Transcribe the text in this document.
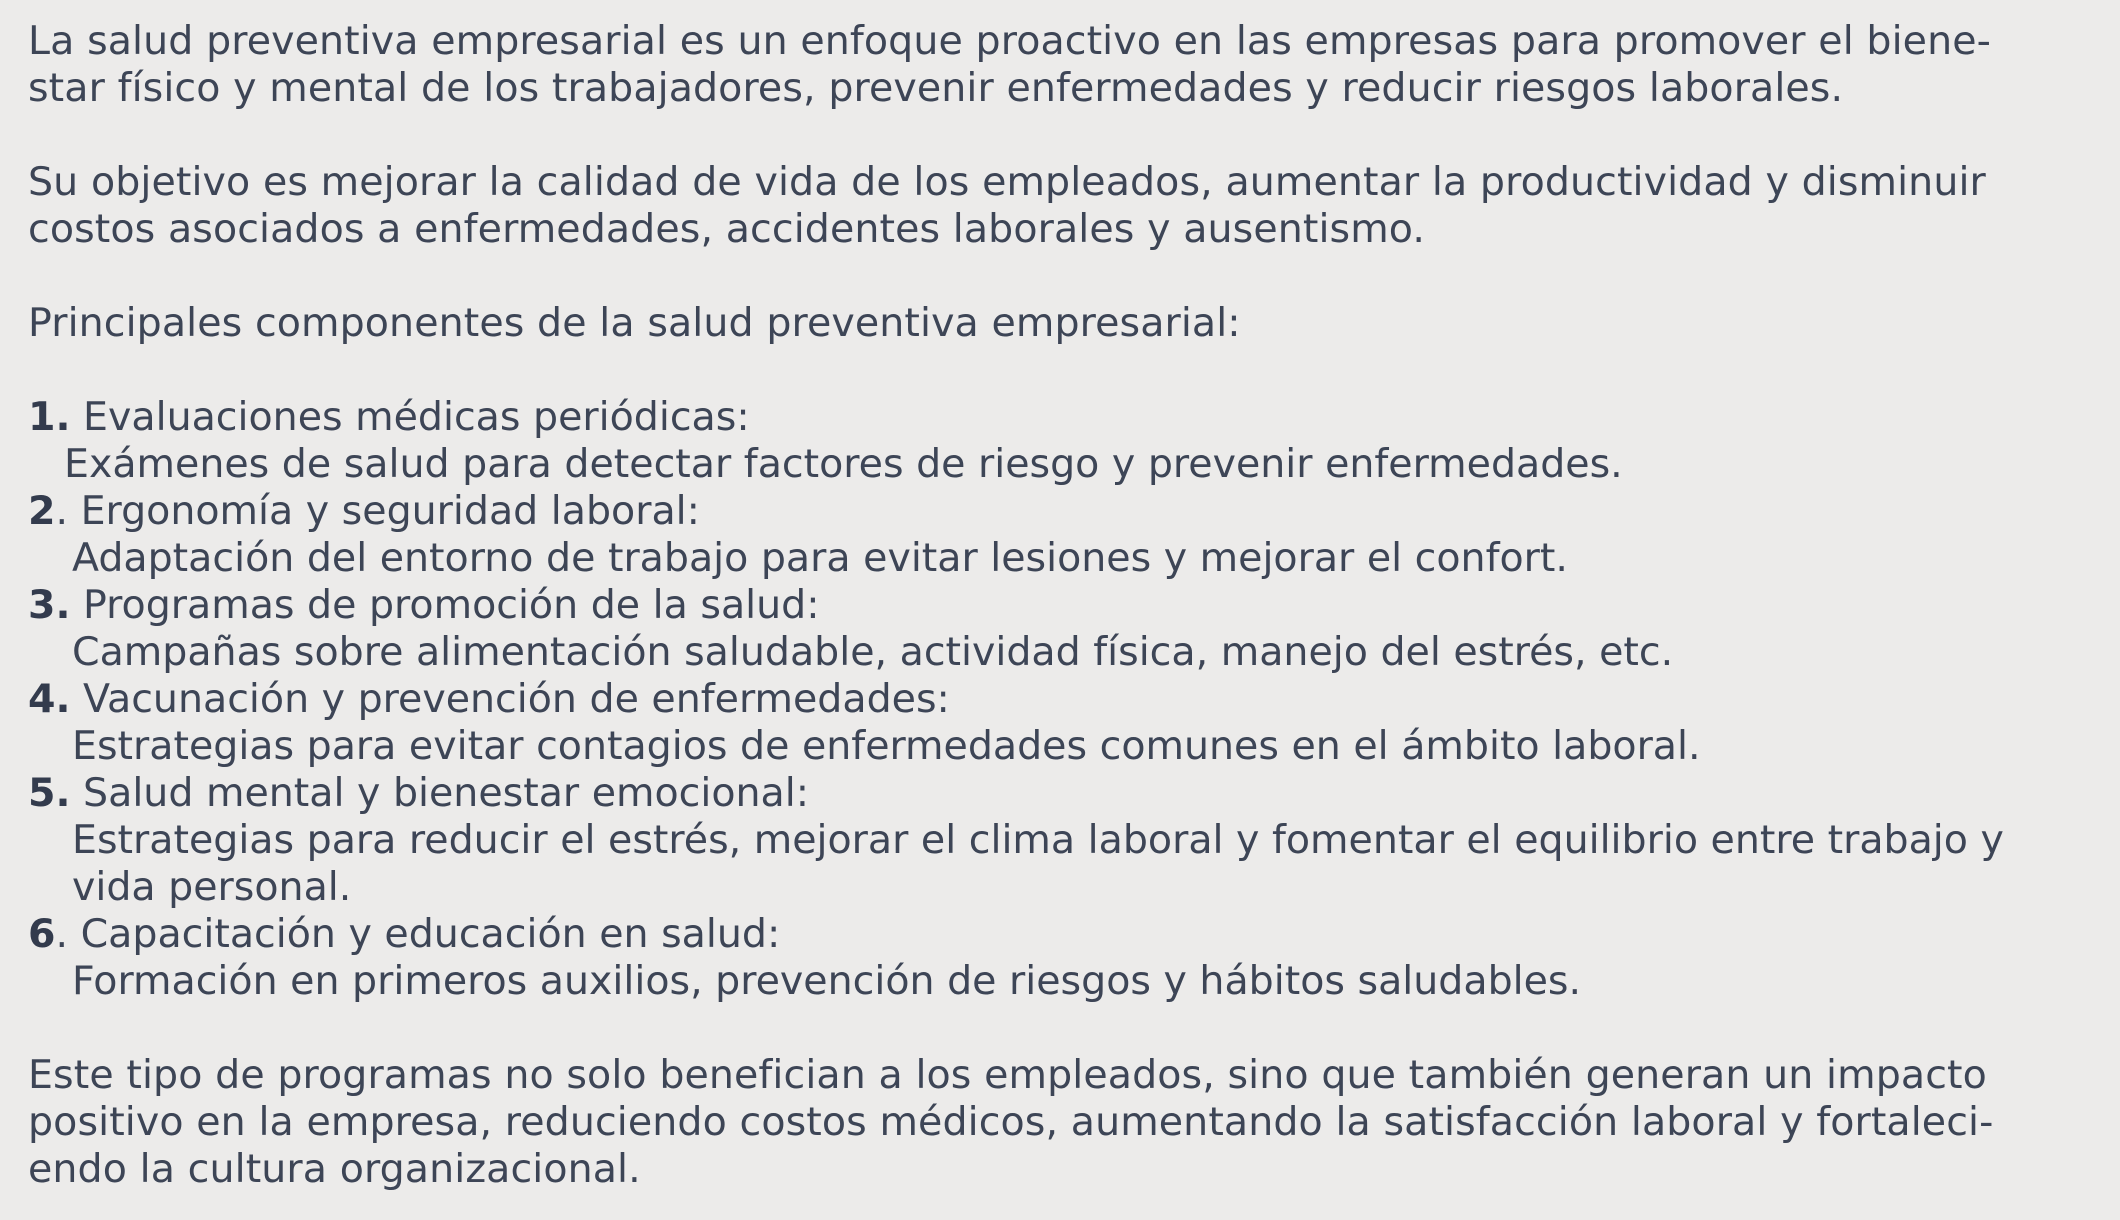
La salud preventiva empresarial es un enfoque proactivo en las empresas para promover el biene-
star físico y mental de los trabajadores, prevenir enfermedades y reducir riesgos laborales.
Su objetivo es mejorar la calidad de vida de los empleados, aumentar la productividad y disminuir
costos asociados a enfermedades, accidentes laborales y ausentismo.
Principales componentes de la salud preventiva empresarial:
1. Evaluaciones médicas periódicas:
Exámenes de salud para detectar factores de riesgo y prevenir enfermedades.
2. Ergonomía y seguridad laboral:
Adaptación del entorno de trabajo para evitar lesiones y mejorar el confort.
3. Programas de promoción de la salud:
Campañas sobre alimentación saludable, actividad física, manejo del estrés, etc.
4. Vacunación y prevención de enfermedades:
Estrategias para evitar contagios de enfermedades comunes en el ámbito laboral.
5. Salud mental y bienestar emocional:
Estrategias para reducir el estrés, mejorar el clima laboral y fomentar el equilibrio entre trabajo y
vida personal.
6. Capacitación y educación en salud:
Formación en primeros auxilios, prevención de riesgos y hábitos saludables.
Este tipo de programas no solo benefician a los empleados, sino que también generan un impacto
positivo en la empresa, reduciendo costos médicos, aumentando la satisfacción laboral y fortaleci-
endo la cultura organizacional.
